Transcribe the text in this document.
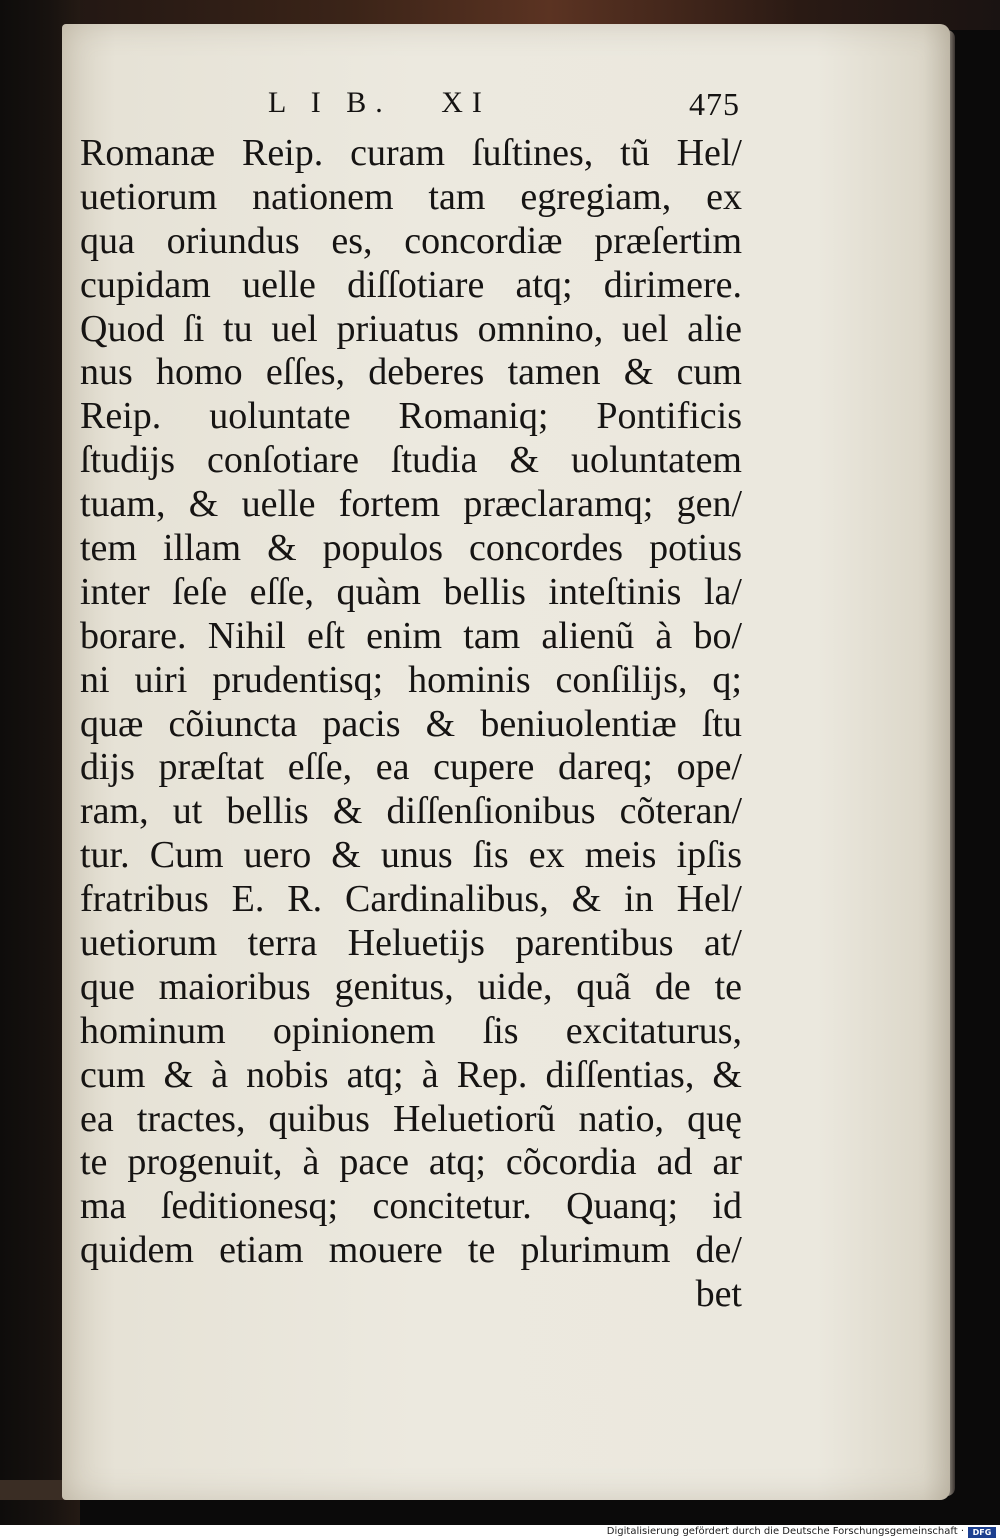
L I B.   XI	475
Romanæ Reip. curam ſuſtines, tũ Hel/
uetiorum nationem tam egregiam, ex
qua oriundus es, concordiæ præſertim
cupidam uelle diſſotiare atq; dirimere.
Quod ſi tu uel priuatus omnino, uel alie
nus homo eſſes, deberes tamen & cum
Reip. uoluntate Romaniq; Pontificis
ſtudijs conſotiare ſtudia & uoluntatem
tuam, & uelle fortem præclaramq; gen/
tem illam & populos concordes potius
inter ſeſe eſſe, quàm bellis inteſtinis la/
borare. Nihil eſt enim tam alienũ à bo/
ni uiri prudentisq; hominis conſilijs, q;
quæ cõiuncta pacis & beniuolentiæ ſtu
dijs præſtat eſſe, ea cupere dareq; ope/
ram, ut bellis & diſſenſionibus cõteran/
tur. Cum uero & unus ſis ex meis ipſis
fratribus E. R. Cardinalibus, & in Hel/
uetiorum terra Heluetijs parentibus at/
que maioribus genitus, uide, quã de te
hominum opinionem ſis excitaturus,
cum & à nobis atq; à Rep. diſſentias, &
ea tractes, quibus Heluetiorũ natio, quę
te progenuit, à pace atq; cõcordia ad ar
ma ſeditionesq; concitetur. Quanq; id
quidem etiam mouere te plurimum de/
bet
Digitalisierung gefördert durch die Deutsche Forschungsgemeinschaft ·	DFG
